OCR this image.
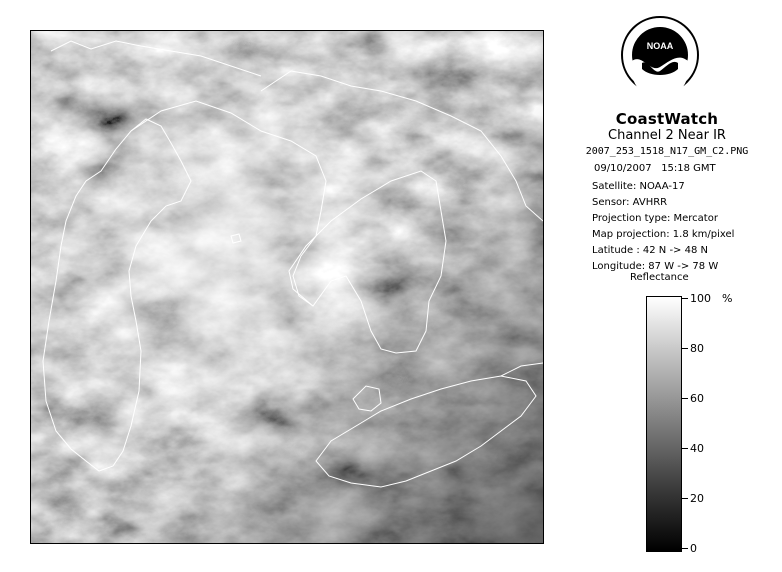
NOAA
CoastWatch
Channel 2 Near IR
2007_253_1518_N17_GM_C2.PNG
09/10/2007 15:18 GMT
Satellite: NOAA-17
Sensor: AVHRR
Projection type: Mercator
Map projection: 1.8 km/pixel
Latitude : 42 N -> 48 N
Longitude: 87 W -> 78 W
Reflectance
%
100
80
60
40
20
0
